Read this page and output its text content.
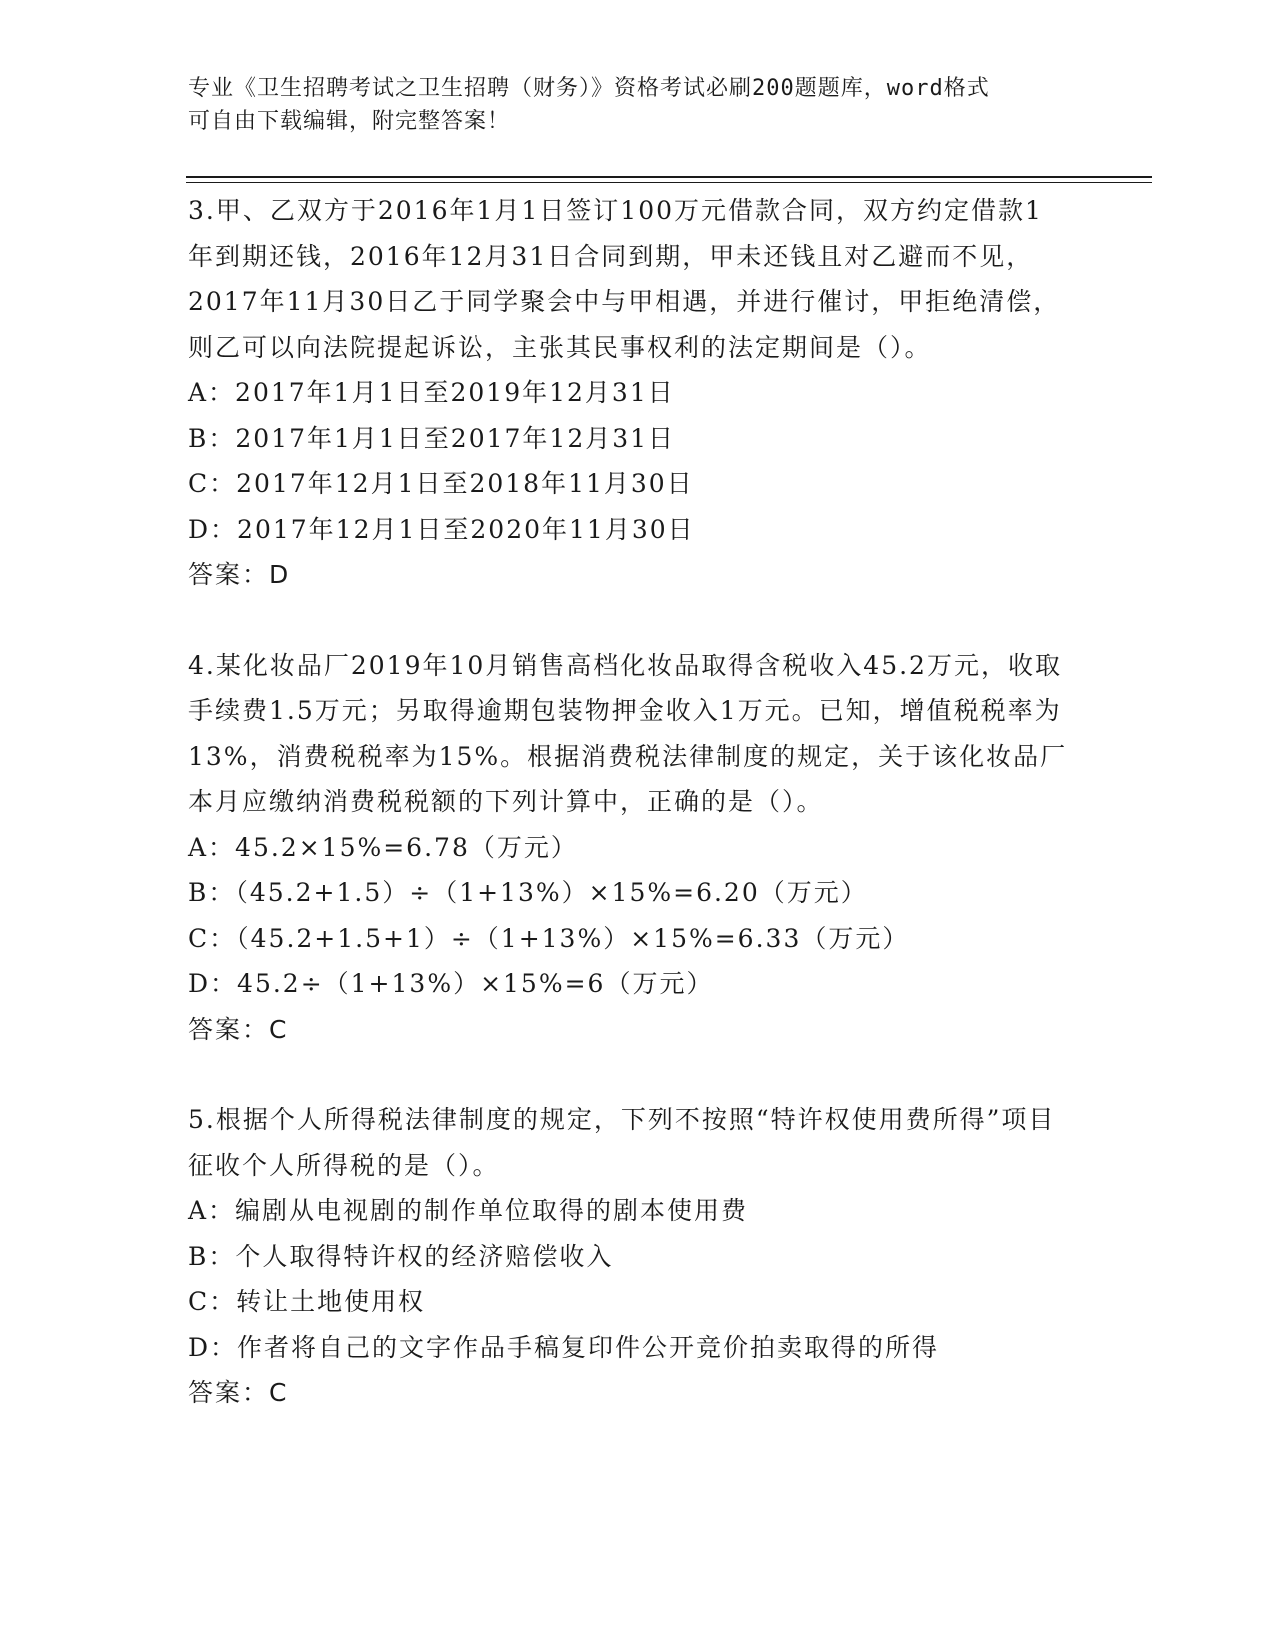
专业《卫生招聘考试之卫生招聘（财务）》资格考试必刷200题题库，word格式
可自由下载编辑，附完整答案！

3.甲、乙双方于2016年1月1日签订100万元借款合同，双方约定借款1年到期还钱，2016年12月31日合同到期，甲未还钱且对乙避而不见，2017年11月30日乙于同学聚会中与甲相遇，并进行催讨，甲拒绝清偿，则乙可以向法院提起诉讼，主张其民事权利的法定期间是（）。

A：2017年1月1日至2019年12月31日

B：2017年1月1日至2017年12月31日

C：2017年12月1日至2018年11月30日

D：2017年12月1日至2020年11月30日

答案：D

4.某化妆品厂2019年10月销售高档化妆品取得含税收入45.2万元，收取手续费1.5万元；另取得逾期包装物押金收入1万元。已知，增值税税率为13%，消费税税率为15%。根据消费税法律制度的规定，关于该化妆品厂本月应缴纳消费税税额的下列计算中，正确的是（）。

A：45.2×15%=6.78（万元）

B：（45.2+1.5）÷（1+13%）×15%=6.20（万元）

C：（45.2+1.5+1）÷（1+13%）×15%=6.33（万元）

D：45.2÷（1+13%）×15%=6（万元）

答案：C

5.根据个人所得税法律制度的规定，下列不按照“特许权使用费所得”项目征收个人所得税的是（）。

A：编剧从电视剧的制作单位取得的剧本使用费

B：个人取得特许权的经济赔偿收入

C：转让土地使用权

D：作者将自己的文字作品手稿复印件公开竞价拍卖取得的所得

答案：C
